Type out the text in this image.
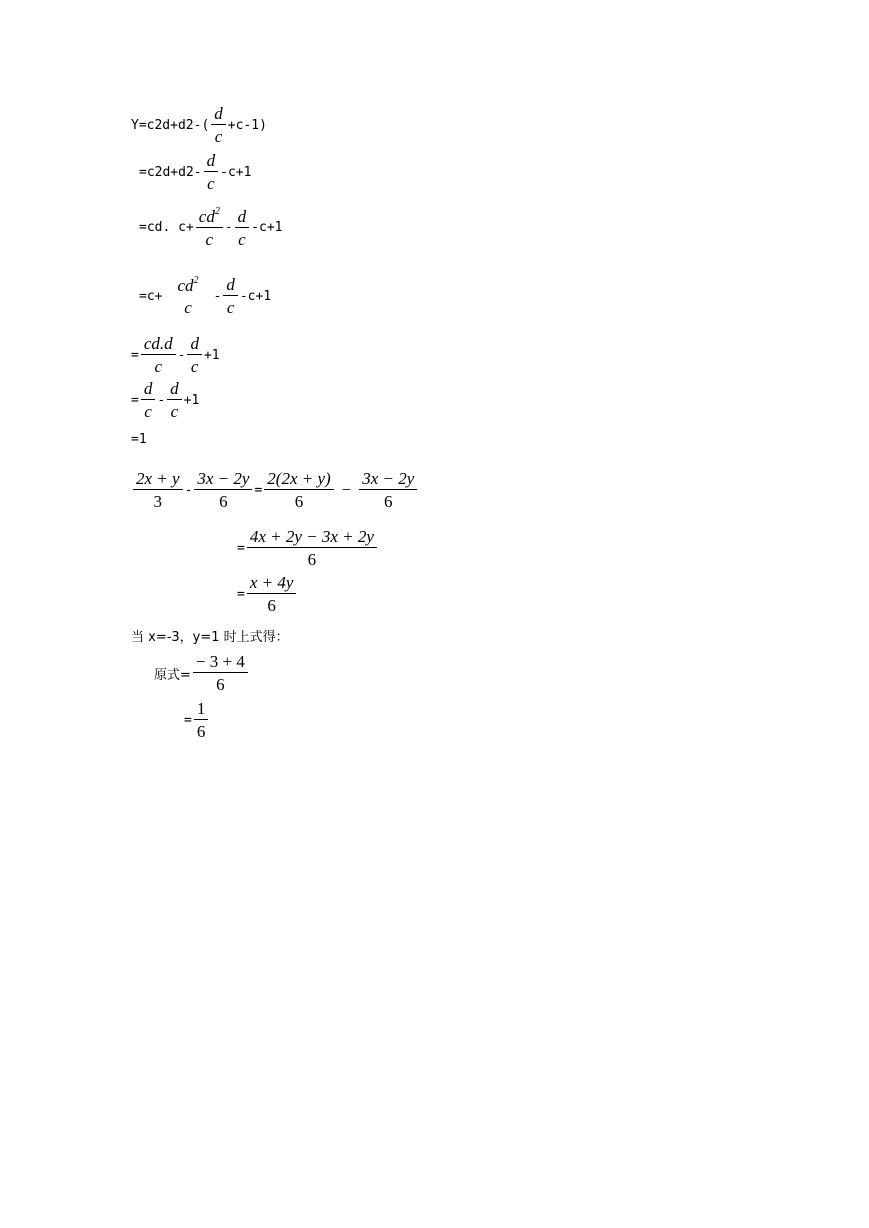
$Y=c2d+d2-( \frac{d}{c} +c-1)$
$=c2d+d2- \frac{d}{c} -c+1$
=cd. $c+ \frac{cd^2}{c} - \frac{d}{c} -c+1$
=c+
$cd^2$
c
- $\frac{d}{c} -c+1$
= $\frac{cd.d}{c} - \frac{d}{c} +1$
= $\frac{d}{c} - \frac{d}{c} +1$
=1
$\frac{2x + y}{3} - \frac{3x - 2y}{6} = \frac{2(2x + y)}{6} - \frac{3x - 2y}{6}$
= $\frac{4x + 2y - 3x + 2y}{6}$
= $\frac{x + 4y}{6}$
当 x=-3，y=1 时上式得：
原式= $\frac{- 3 + 4}{6}$
= $\frac{1}{6}$
